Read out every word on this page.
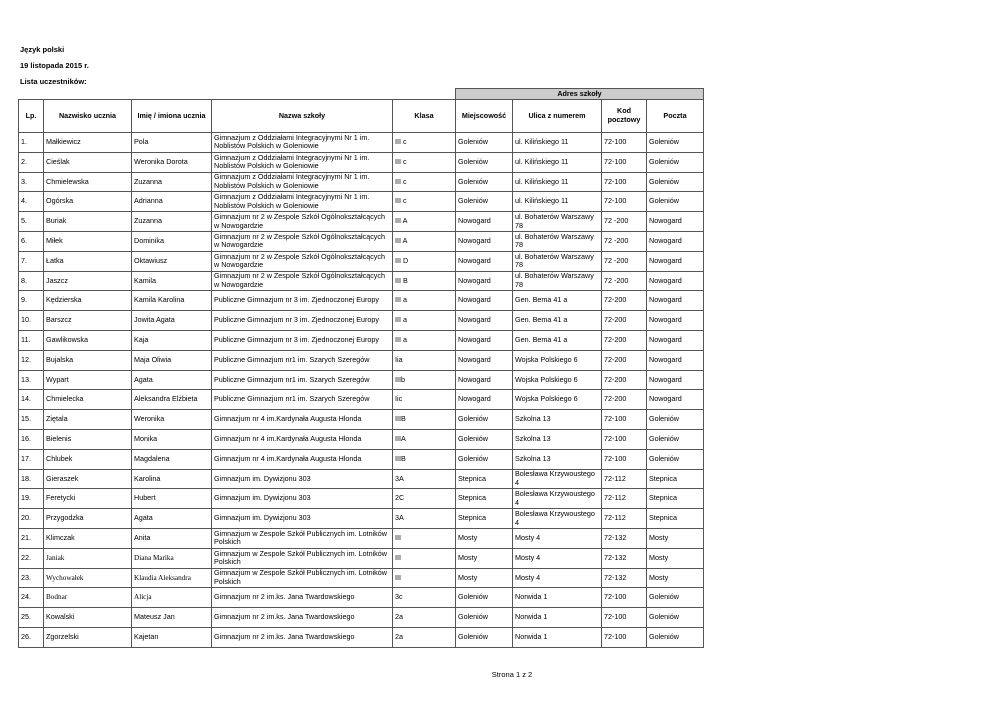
Język polski
19 listopada 2015 r.
Lista uczestników:
					Adres szkoły			
Lp.	Nazwisko ucznia	Imię / imiona ucznia	Nazwa szkoły	Klasa	Miejscowość	Ulica z numerem	Kod pocztowy	Poczta
1.	Małkiewicz	Pola	Gimnazjum z Oddziałami Integracyjnymi Nr 1 im. Noblistów Polskich w Goleniowie	III c	Goleniów	ul. Kilińskiego 11	72-100	Goleniów
2.	Cieślak	Weronika Dorota	Gimnazjum z Oddziałami Integracyjnymi Nr 1 im. Noblistów Polskich w Goleniowie	III c	Goleniów	ul. Kilińskiego 11	72-100	Goleniów
3.	Chmielewska	Zuzanna	Gimnazjum z Oddziałami Integracyjnymi Nr 1 im. Noblistów Polskich w Goleniowie	III c	Goleniów	ul. Kilińskiego 11	72-100	Goleniów
4.	Ogórska	Adrianna	Gimnazjum z Oddziałami Integracyjnymi Nr 1 im. Noblistów Polskich w Goleniowie	III c	Goleniów	ul. Kilińskiego 11	72-100	Goleniów
5.	Buriak	Zuzanna	Gimnazjum nr 2 w Zespole Szkół Ogólnokształcących w Nowogardzie	III A	Nowogard	ul. Bohaterów Warszawy 78	72 -200	Nowogard
6.	Miłek	Dominika	Gimnazjum nr 2 w Zespole Szkół Ogólnokształcących w Nowogardzie	III A	Nowogard	ul. Bohaterów Warszawy 78	72 -200	Nowogard
7.	Łatka	Oktawiusz	Gimnazjum nr 2 w Zespole Szkół Ogólnokształcących w Nowogardzie	III D	Nowogard	ul. Bohaterów Warszawy 78	72 -200	Nowogard
8.	Jaszcz	Kamila	Gimnazjum nr 2 w Zespole Szkół Ogólnokształcących w Nowogardzie	III B	Nowogard	ul. Bohaterów Warszawy 78	72 -200	Nowogard
9.	Kędzierska	Kamila Karolina	Publiczne Gimnazjum nr 3 im. Zjednoczonej Europy	III a	Nowogard	Gen. Bema 41 a	72-200	Nowogard
10.	Barszcz	Jowita Agata	Publiczne Gimnazjum nr 3 im. Zjednoczonej Europy	III a	Nowogard	Gen. Bema 41 a	72-200	Nowogard
11.	Gawlikowska	Kaja	Publiczne Gimnazjum nr 3 im. Zjednoczonej Europy	III a	Nowogard	Gen. Bema 41 a	72-200	Nowogard
12.	Bujalska	Maja Oliwia	Publiczne Gimnazjum nr1 im. Szarych Szeregów	Iia	Nowogard	Wojska Polskiego 6	72-200	Nowogard
13.	Wypart	Agata	Publiczne Gimnazjum nr1 im. Szarych Szeregów	IIIb	Nowogard	Wojska Polskiego 6	72-200	Nowogard
14.	Chmielecka	Aleksandra Elżbieta	Publiczne Gimnazjum nr1 im. Szarych Szeregów	Iic	Nowogard	Wojska Polskiego 6	72-200	Nowogard
15.	Ziętala	Weronika	Gimnazjum nr 4 im.Kardynała Augusta Hlonda	IIIB	Goleniów	Szkolna 13	72-100	Goleniów
16.	Bielenis	Monika	Gimnazjum nr 4 im.Kardynała Augusta Hlonda	IIIA	Goleniów	Szkolna 13	72-100	Goleniów
17.	Chlubek	Magdalena	Gimnazjum nr 4 im.Kardynała Augusta Hlonda	IIIB	Goleniów	Szkolna 13	72-100	Goleniów
18.	Gieraszek	Karolina	Gimnazjum im. Dywizjonu 303	3A	Stepnica	Bolesława Krzywoustego 4	72-112	Stepnica
19.	Feretycki	Hubert	Gimnazjum im. Dywizjonu 303	2C	Stepnica	Bolesława Krzywoustego 4	72-112	Stepnica
20.	Przygodzka	Agata	Gimnazjum im. Dywizjonu 303	3A	Stepnica	Bolesława Krzywoustego 4	72-112	Stepnica
21.	Klimczak	Anita	Gimnazjum w Zespole Szkół Publicznych im. Lotników Polskich	III	Mosty	Mosty 4	72-132	Mosty
22.	Janiak	Diana Marika	Gimnazjum w Zespole Szkół Publicznych im. Lotników Polskich	III	Mosty	Mosty 4	72-132	Mosty
23.	Wychowałek	Klaudia Aleksandra	Gimnazjum w Zespole Szkół Publicznych im. Lotników Polskich	III	Mosty	Mosty 4	72-132	Mosty
24.	Bodnar	Alicja	Gimnazjum nr 2 im.ks. Jana Twardowskiego	3c	Goleniów	Norwida 1	72-100	Goleniów
25.	Kowalski	Mateusz Jan	Gimnazjum nr 2 im.ks. Jana Twardowskiego	2a	Goleniów	Norwida 1	72-100	Goleniów
26.	Zgorzelski	Kajetan	Gimnazjum nr 2 im.ks. Jana Twardowskiego	2a	Goleniów	Norwida 1	72-100	Goleniów
Strona 1 z 2
